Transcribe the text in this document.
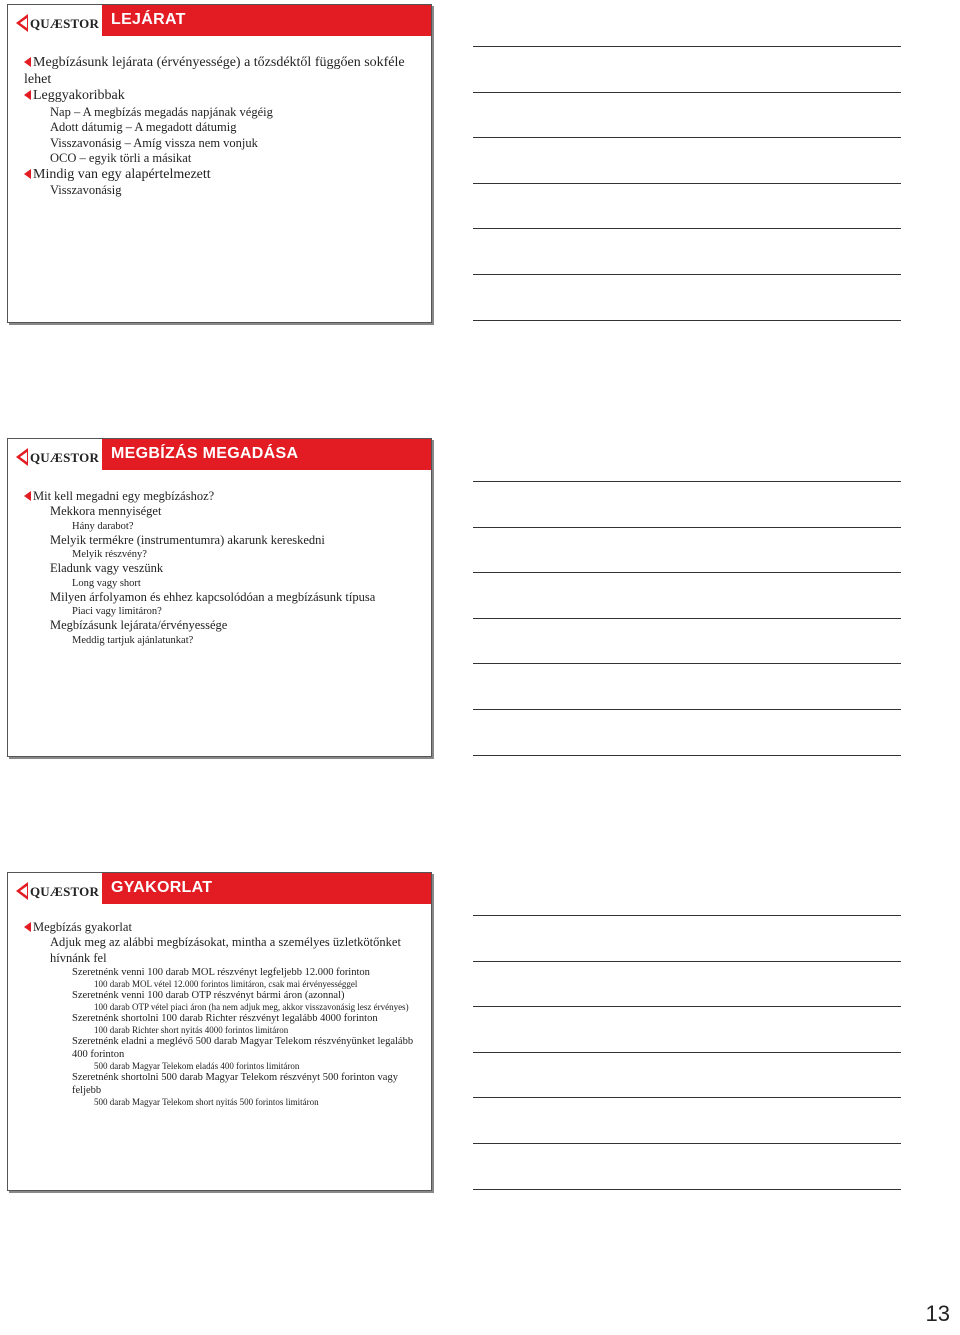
QUÆSTOR LEJÁRAT
Megbízásunk lejárata (érvényessége) a tőzsdéktől függően sokféle lehet
Leggyakoribbak
Nap – A megbízás megadás napjának végéig
Adott dátumig – A megadott dátumig
Visszavonásig – Amíg vissza nem vonjuk
OCO – egyik törli a másikat
Mindig van egy alapértelmezett
Visszavonásig
QUÆSTOR MEGBÍZÁS MEGADÁSA
Mit kell megadni egy megbízáshoz?
Mekkora mennyiséget
Hány darabot?
Melyik termékre (instrumentumra) akarunk kereskedni
Melyik részvény?
Eladunk vagy veszünk
Long vagy short
Milyen árfolyamon és ehhez kapcsolódóan a megbízásunk típusa
Piaci vagy limitáron?
Megbízásunk lejárata/érvényessége
Meddig tartjuk ajánlatunkat?
QUÆSTOR GYAKORLAT
Megbízás gyakorlat
Adjuk meg az alábbi megbízásokat, mintha a személyes üzletkötőnket hívnánk fel
Szeretnénk venni 100 darab MOL részvényt legfeljebb 12.000 forinton
100 darab MOL vétel 12.000 forintos limitáron, csak mai érvényességgel
Szeretnénk venni 100 darab OTP részvényt bármi áron (azonnal)
100 darab OTP vétel piaci áron (ha nem adjuk meg, akkor visszavonásig lesz érvényes)
Szeretnénk shortolni 100 darab Richter részvényt legalább 4000 forinton
100 darab Richter short nyitás 4000 forintos limitáron
Szeretnénk eladni a meglévő 500 darab Magyar Telekom részvényünket legalább 400 forinton
500 darab Magyar Telekom eladás 400 forintos limitáron
Szeretnénk shortolni 500 darab Magyar Telekom részvényt 500 forinton vagy feljebb
500 darab Magyar Telekom short nyitás 500 forintos limitáron
13
